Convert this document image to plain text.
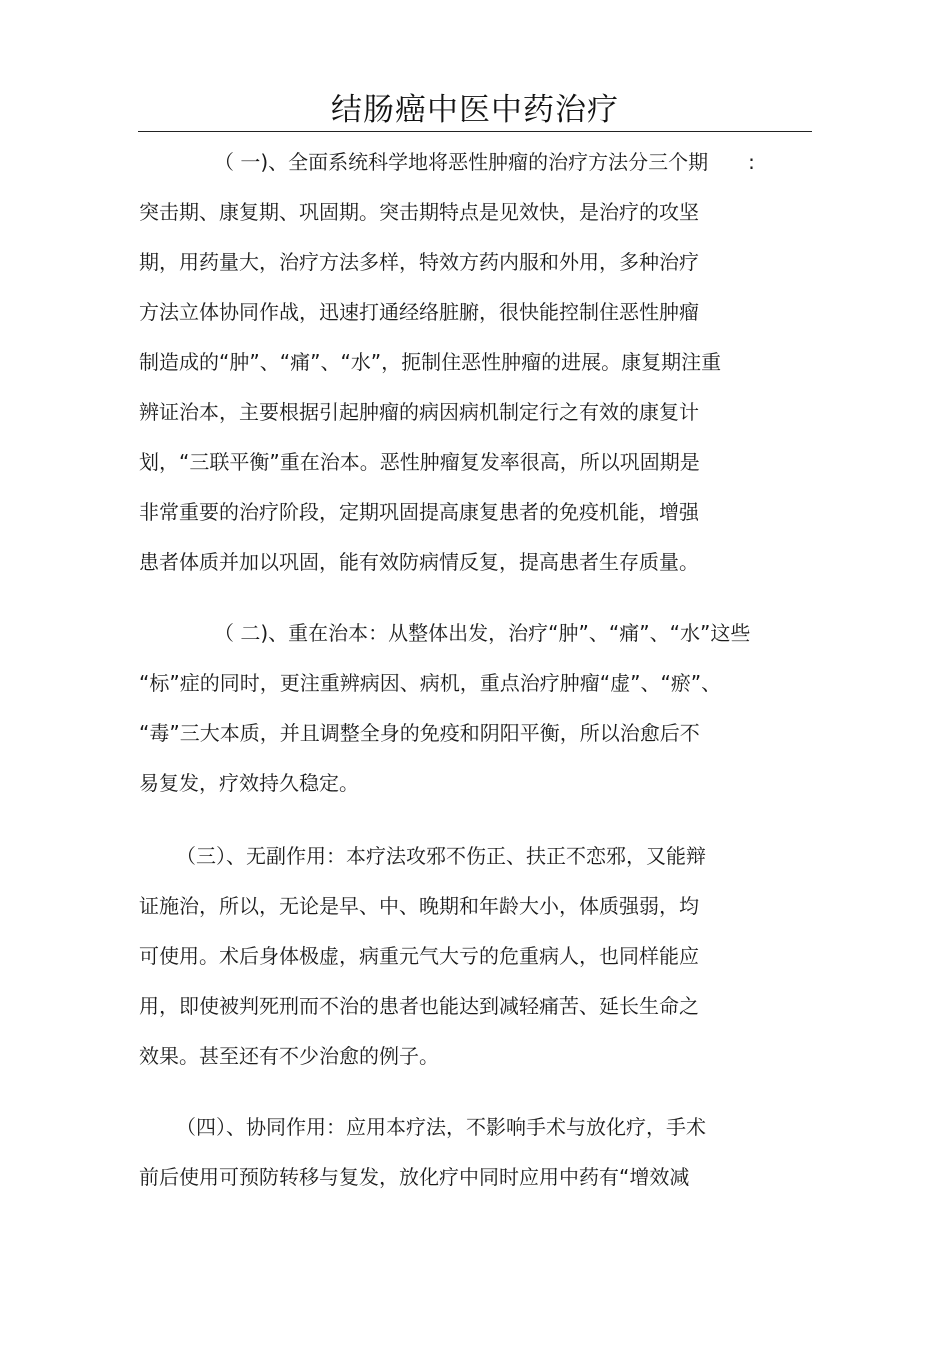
结肠癌中医中药治疗
（ 一)、全面系统科学地将恶性肿瘤的治疗方法分三个期　　:
突击期、康复期、巩固期。突击期特点是见效快，是治疗的攻坚
期，用药量大，治疗方法多样，特效方药内服和外用，多种治疗
方法立体协同作战，迅速打通经络脏腑，很快能控制住恶性肿瘤
制造成的“肿”、“痛”、“水”，扼制住恶性肿瘤的进展。康复期注重
辨证治本，主要根据引起肿瘤的病因病机制定行之有效的康复计
划，“三联平衡”重在治本。恶性肿瘤复发率很高，所以巩固期是
非常重要的治疗阶段，定期巩固提高康复患者的免疫机能，增强
患者体质并加以巩固，能有效防病情反复，提高患者生存质量。
（ 二)、重在治本：从整体出发，治疗“肿”、“痛”、“水”这些
“标”症的同时，更注重辨病因、病机，重点治疗肿瘤“虚”、“瘀”、
“毒”三大本质，并且调整全身的免疫和阴阳平衡，所以治愈后不
易复发，疗效持久稳定。
（三）、无副作用：本疗法攻邪不伤正、扶正不恋邪，又能辩
证施治，所以，无论是早、中、晚期和年龄大小，体质强弱，均
可使用。术后身体极虚，病重元气大亏的危重病人，也同样能应
用，即使被判死刑而不治的患者也能达到减轻痛苦、延长生命之
效果。甚至还有不少治愈的例子。
（四）、协同作用：应用本疗法，不影响手术与放化疗，手术
前后使用可预防转移与复发，放化疗中同时应用中药有“增效减
